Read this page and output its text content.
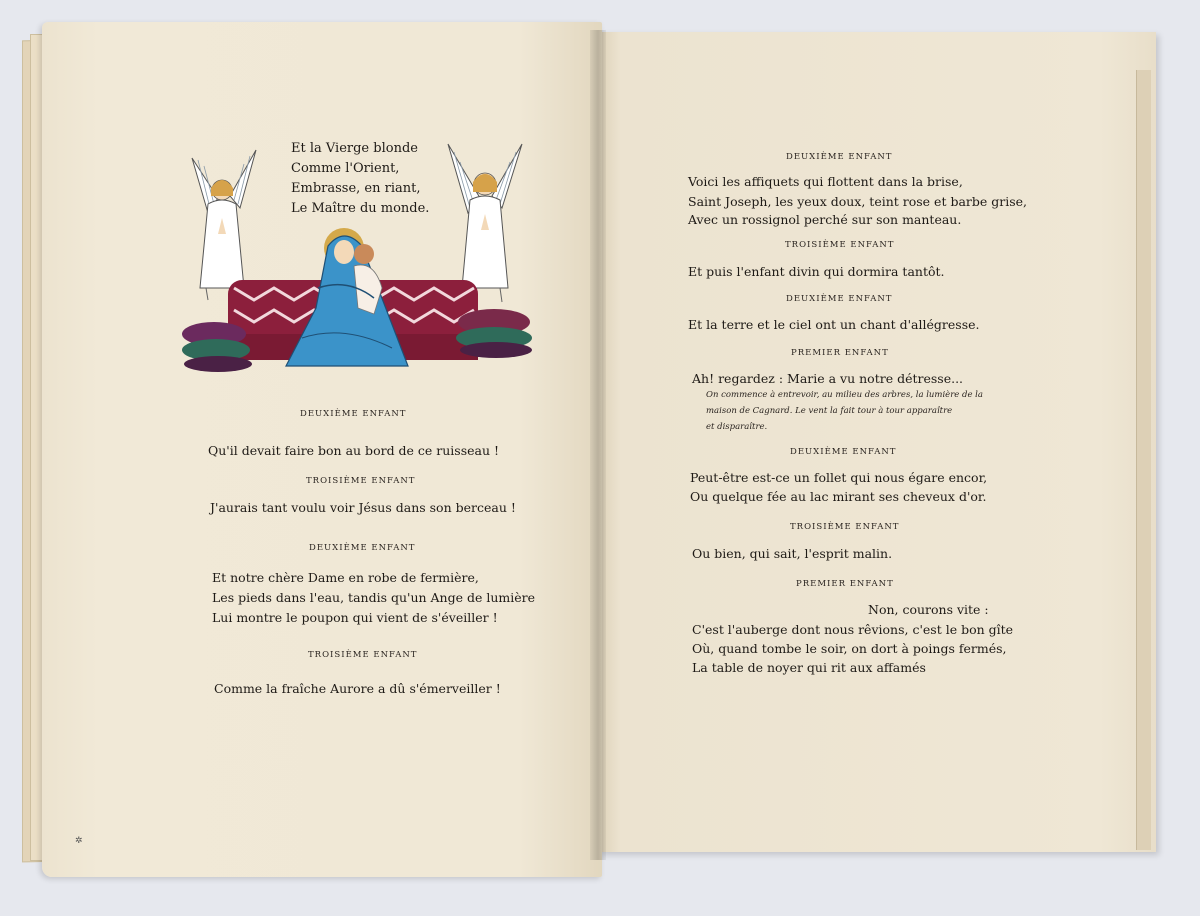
Et la Vierge blonde
Comme l'Orient,
Embrasse, en riant,
Le Maître du monde.
DEUXIÈME ENFANT
Qu'il devait faire bon au bord de ce ruisseau !
TROISIÈME ENFANT
J'aurais tant voulu voir Jésus dans son berceau !
DEUXIÈME ENFANT
Et notre chère Dame en robe de fermière,
Les pieds dans l'eau, tandis qu'un Ange de lumière
Lui montre le poupon qui vient de s'éveiller !
TROISIÈME ENFANT
Comme la fraîche Aurore a dû s'émerveiller !
✲
DEUXIÈME ENFANT
Voici les affiquets qui flottent dans la brise,
Saint Joseph, les yeux doux, teint rose et barbe grise,
Avec un rossignol perché sur son manteau.
TROISIÈME ENFANT
Et puis l'enfant divin qui dormira tantôt.
DEUXIÈME ENFANT
Et la terre et le ciel ont un chant d'allégresse.
PREMIER ENFANT
Ah! regardez : Marie a vu notre détresse...
On commence à entrevoir, au milieu des arbres, la lumière de la
maison de Cagnard. Le vent la fait tour à tour apparaître
et disparaître.
DEUXIÈME ENFANT
Peut-être est-ce un follet qui nous égare encor,
Ou quelque fée au lac mirant ses cheveux d'or.
TROISIÈME ENFANT
Ou bien, qui sait, l'esprit malin.
PREMIER ENFANT
Non, courons vite :
C'est l'auberge dont nous rêvions, c'est le bon gîte
Où, quand tombe le soir, on dort à poings fermés,
La table de noyer qui rit aux affamés
